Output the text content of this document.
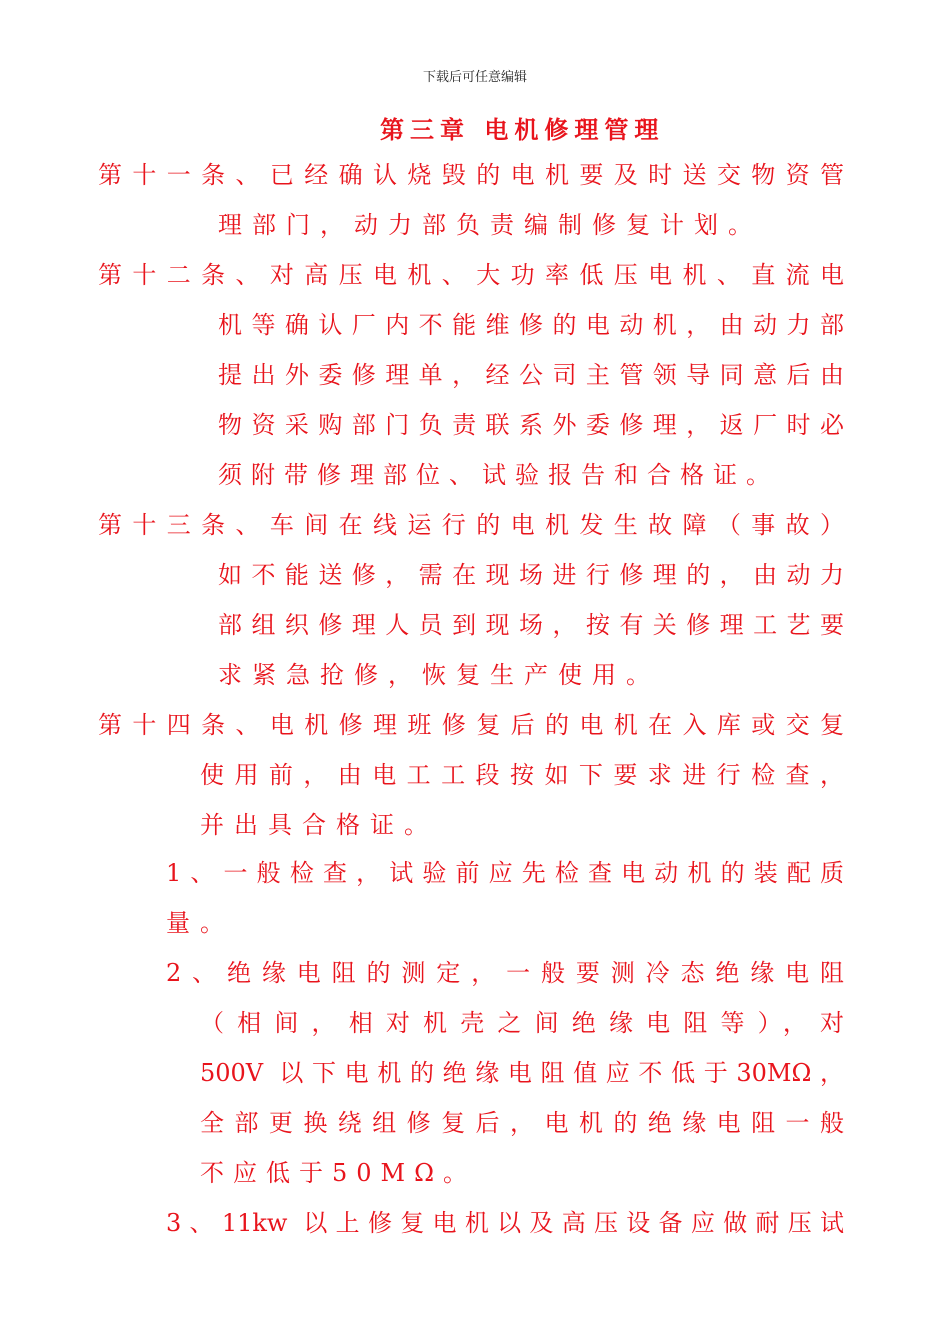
下载后可任意编辑
第三章 电机修理管理
第十一条、已经确认烧毁的电机要及时送交物资管
理部门，动力部负责编制修复计划。
第十二条、对高压电机、大功率低压电机、直流电
机等确认厂内不能维修的电动机，由动力部
提出外委修理单，经公司主管领导同意后由
物资采购部门负责联系外委修理，返厂时必
须附带修理部位、试验报告和合格证。
第十三条、车间在线运行的电机发生故障（事故）
如不能送修，需在现场进行修理的，由动力
部组织修理人员到现场，按有关修理工艺要
求紧急抢修，恢复生产使用。
第十四条、电机修理班修复后的电机在入库或交复
使用前，由电工工段按如下要求进行检查，
并出具合格证。
1、一般检查，试验前应先检查电动机的装配质
量。
2、绝缘电阻的测定，一般要测冷态绝缘电阻
（相间，相对机壳之间绝缘电阻等），对
500V 以下电机的绝缘电阻值应不低于30MΩ，
全部更换绕组修复后，电机的绝缘电阻一般
不应低于50MΩ。
3、11kw 以上修复电机以及高压设备应做耐压试
